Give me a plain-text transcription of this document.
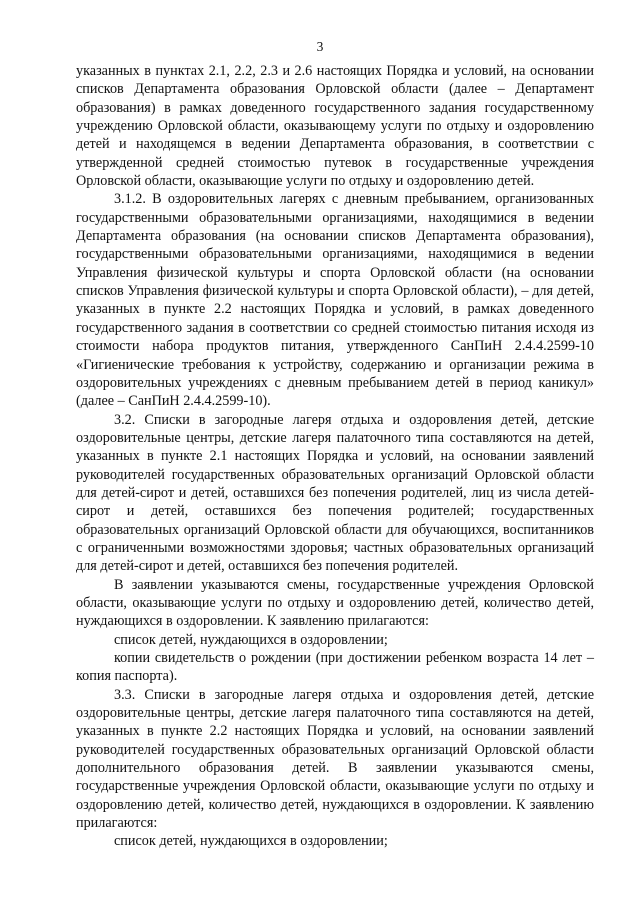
3

указанных в пунктах 2.1, 2.2, 2.3 и 2.6 настоящих Порядка и условий, на основании списков Департамента образования Орловской области (далее – Департамент образования) в рамках доведенного государственного задания государственному учреждению Орловской области, оказывающему услуги по отдыху и оздоровлению детей и находящемся в ведении Департамента образования, в соответствии с утвержденной средней стоимостью путевок в государственные учреждения Орловской области, оказывающие услуги по отдыху и оздоровлению детей.

3.1.2. В оздоровительных лагерях с дневным пребыванием, организованных государственными образовательными организациями, находящимися в ведении Департамента образования (на основании списков Департамента образования), государственными образовательными организациями, находящимися в ведении Управления физической культуры и спорта Орловской области (на основании списков Управления физической культуры и спорта Орловской области), – для детей, указанных в пункте 2.2 настоящих Порядка и условий, в рамках доведенного государственного задания в соответствии со средней стоимостью питания исходя из стоимости набора продуктов питания, утвержденного СанПиН 2.4.4.2599-10 «Гигиенические требования к устройству, содержанию и организации режима в оздоровительных учреждениях с дневным пребыванием детей в период каникул» (далее – СанПиН 2.4.4.2599-10).

3.2. Списки в загородные лагеря отдыха и оздоровления детей, детские оздоровительные центры, детские лагеря палаточного типа составляются на детей, указанных в пункте 2.1 настоящих Порядка и условий, на основании заявлений руководителей государственных образовательных организаций Орловской области для детей-сирот и детей, оставшихся без попечения родителей, лиц из числа детей-сирот и детей, оставшихся без попечения родителей; государственных образовательных организаций Орловской области для обучающихся, воспитанников с ограниченными возможностями здоровья; частных образовательных организаций для детей-сирот и детей, оставшихся без попечения родителей.

В заявлении указываются смены, государственные учреждения Орловской области, оказывающие услуги по отдыху и оздоровлению детей, количество детей, нуждающихся в оздоровлении. К заявлению прилагаются:

список детей, нуждающихся в оздоровлении;

копии свидетельств о рождении (при достижении ребенком возраста 14 лет – копия паспорта).

3.3. Списки в загородные лагеря отдыха и оздоровления детей, детские оздоровительные центры, детские лагеря палаточного типа составляются на детей, указанных в пункте 2.2 настоящих Порядка и условий, на основании заявлений руководителей государственных образовательных организаций Орловской области дополнительного образования детей. В заявлении указываются смены, государственные учреждения Орловской области, оказывающие услуги по отдыху и оздоровлению детей, количество детей, нуждающихся в оздоровлении. К заявлению прилагаются:

список детей, нуждающихся в оздоровлении;
